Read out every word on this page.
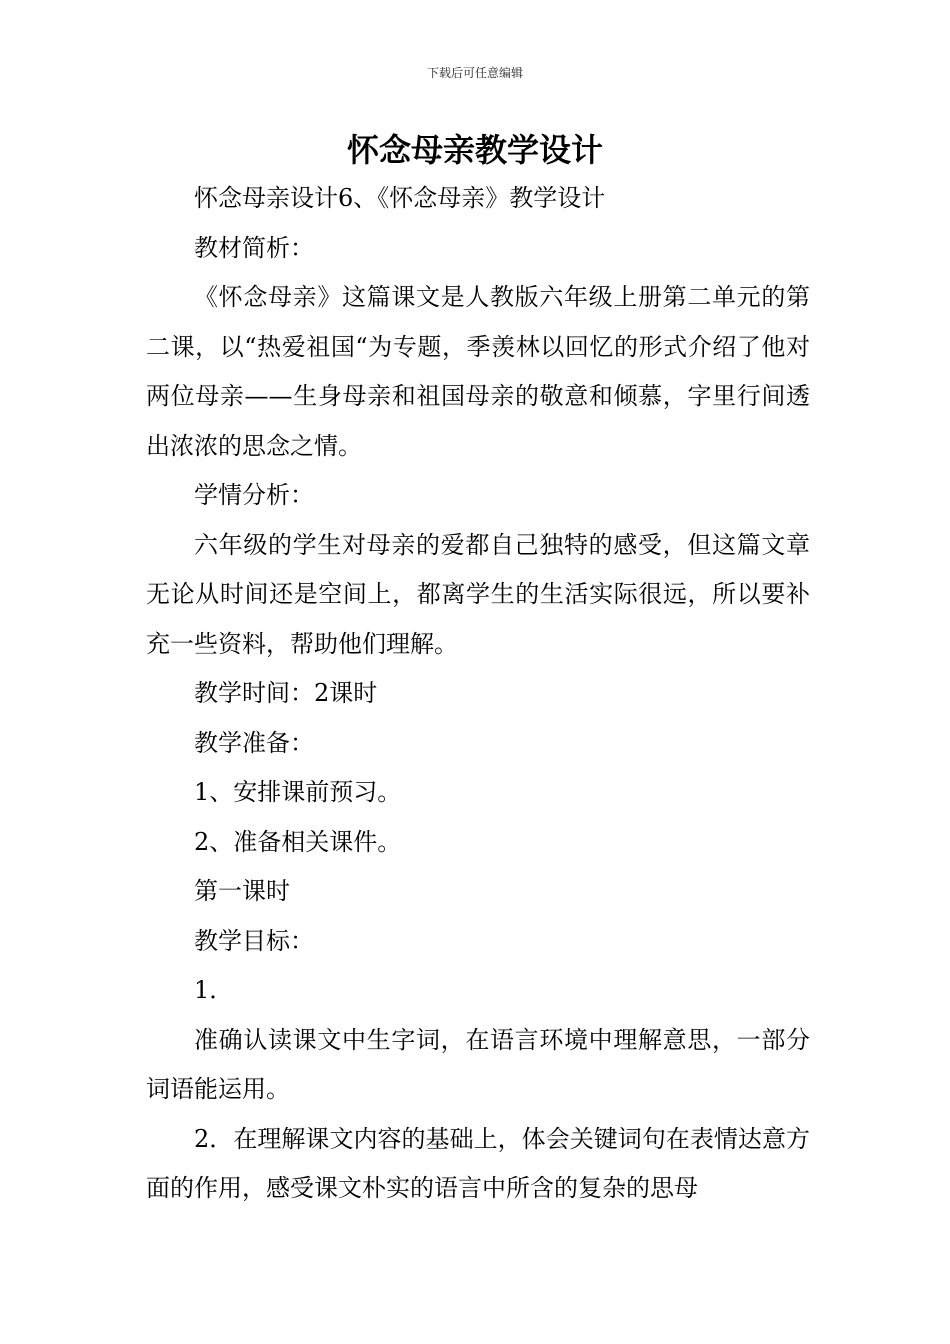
下载后可任意编辑
怀念母亲教学设计

怀念母亲设计6、《怀念母亲》教学设计

教材简析：

《怀念母亲》这篇课文是人教版六年级上册第二单元的第二课，以“热爱祖国“为专题，季羡林以回忆的形式介绍了他对两位母亲——生身母亲和祖国母亲的敬意和倾慕，字里行间透出浓浓的思念之情。

学情分析：

六年级的学生对母亲的爱都自己独特的感受，但这篇文章无论从时间还是空间上，都离学生的生活实际很远，所以要补充一些资料，帮助他们理解。

教学时间：2课时

教学准备：

1、安排课前预习。

2、准备相关课件。

第一课时

教学目标：

1．

准确认读课文中生字词，在语言环境中理解意思，一部分词语能运用。

2．在理解课文内容的基础上，体会关键词句在表情达意方面的作用，感受课文朴实的语言中所含的复杂的思母
